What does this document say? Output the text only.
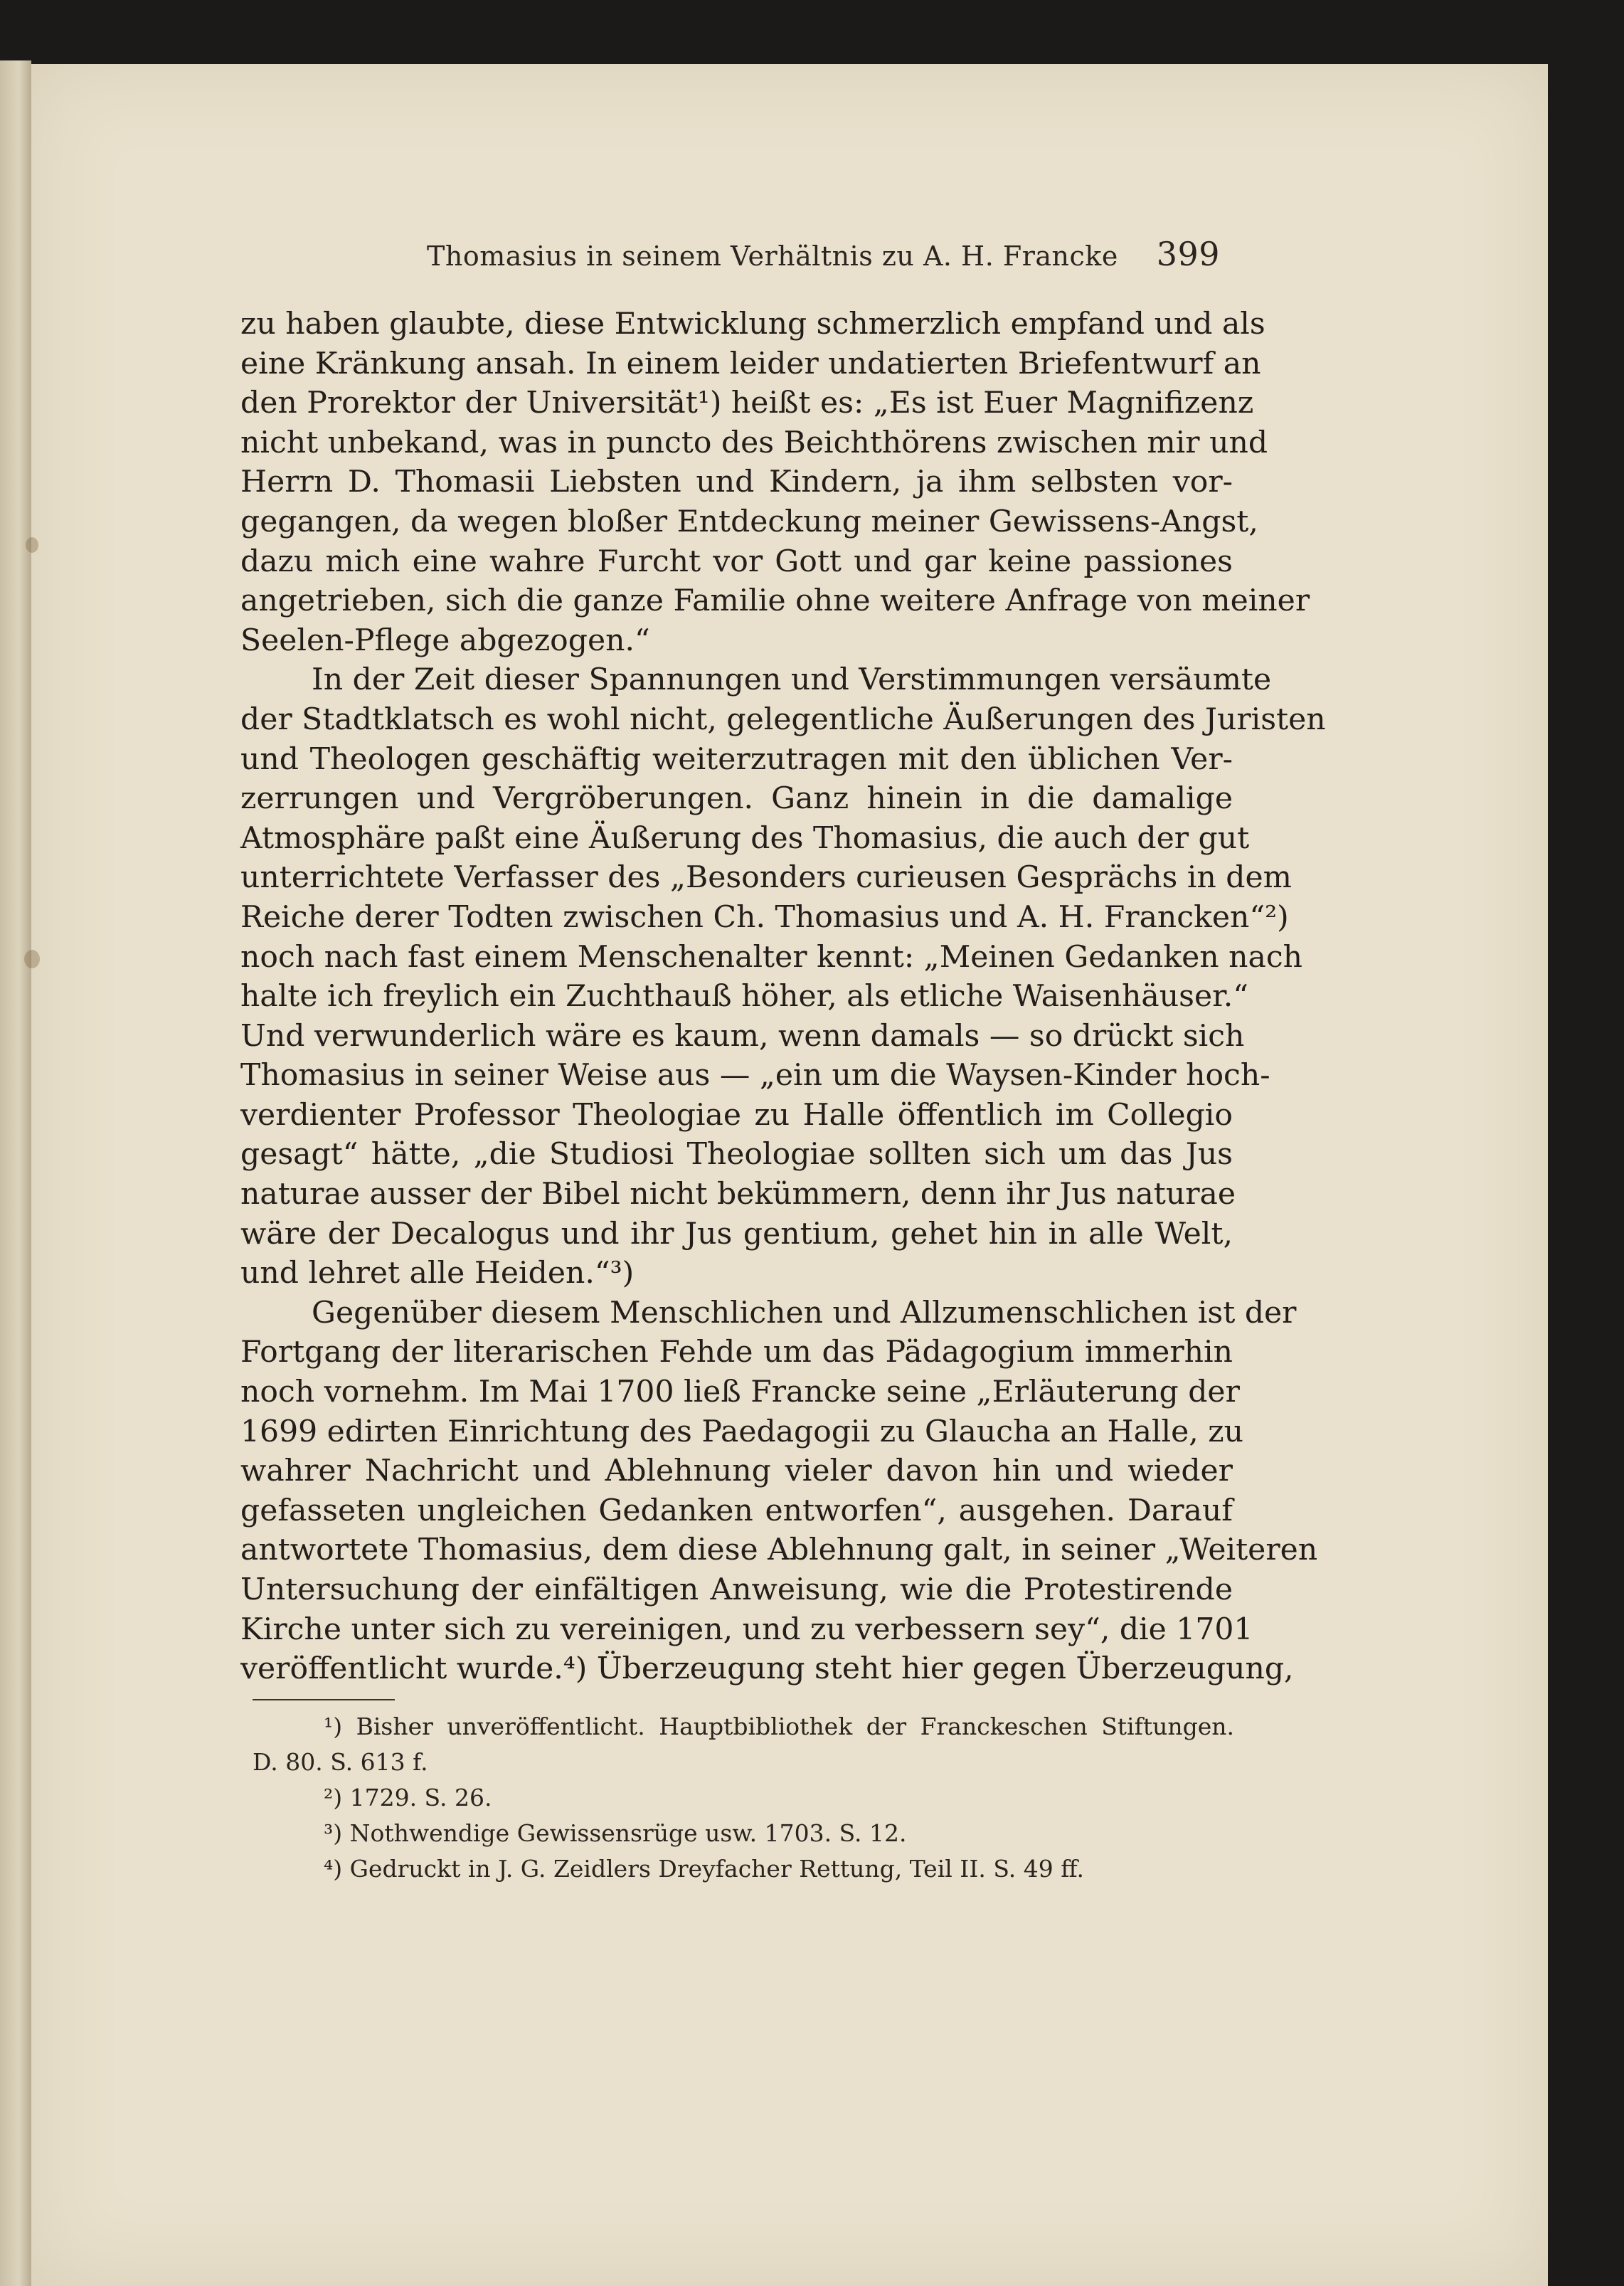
Thomasius in seinem Verhältnis zu A. H. Francke 399
zu haben glaubte, diese Entwicklung schmerzlich empfand und als
eine Kränkung ansah. In einem leider undatierten Briefentwurf an
den Prorektor der Universität¹) heißt es: „Es ist Euer Magnifizenz
nicht unbekand, was in puncto des Beichthörens zwischen mir und
Herrn D. Thomasii Liebsten und Kindern, ja ihm selbsten vor-
gegangen, da wegen bloßer Entdeckung meiner Gewissens-Angst,
dazu mich eine wahre Furcht vor Gott und gar keine passiones
angetrieben, sich die ganze Familie ohne weitere Anfrage von meiner
Seelen-Pflege abgezogen.“
In der Zeit dieser Spannungen und Verstimmungen versäumte
der Stadtklatsch es wohl nicht, gelegentliche Äußerungen des Juristen
und Theologen geschäftig weiterzutragen mit den üblichen Ver-
zerrungen und Vergröberungen. Ganz hinein in die damalige
Atmosphäre paßt eine Äußerung des Thomasius, die auch der gut
unterrichtete Verfasser des „Besonders curieusen Gesprächs in dem
Reiche derer Todten zwischen Ch. Thomasius und A. H. Francken“²)
noch nach fast einem Menschenalter kennt: „Meinen Gedanken nach
halte ich freylich ein Zuchthauß höher, als etliche Waisenhäuser.“
Und verwunderlich wäre es kaum, wenn damals — so drückt sich
Thomasius in seiner Weise aus — „ein um die Waysen-Kinder hoch-
verdienter Professor Theologiae zu Halle öffentlich im Collegio
gesagt“ hätte, „die Studiosi Theologiae sollten sich um das Jus
naturae ausser der Bibel nicht bekümmern, denn ihr Jus naturae
wäre der Decalogus und ihr Jus gentium, gehet hin in alle Welt,
und lehret alle Heiden.“³)
Gegenüber diesem Menschlichen und Allzumenschlichen ist der
Fortgang der literarischen Fehde um das Pädagogium immerhin
noch vornehm. Im Mai 1700 ließ Francke seine „Erläuterung der
1699 edirten Einrichtung des Paedagogii zu Glaucha an Halle, zu
wahrer Nachricht und Ablehnung vieler davon hin und wieder
gefasseten ungleichen Gedanken entworfen“, ausgehen. Darauf
antwortete Thomasius, dem diese Ablehnung galt, in seiner „Weiteren
Untersuchung der einfältigen Anweisung, wie die Protestirende
Kirche unter sich zu vereinigen, und zu verbessern sey“, die 1701
veröffentlicht wurde.⁴) Überzeugung steht hier gegen Überzeugung,
¹) Bisher unveröffentlicht. Hauptbibliothek der Franckeschen Stiftungen.
D. 80. S. 613 f.
²) 1729. S. 26.
³) Nothwendige Gewissensrüge usw. 1703. S. 12.
⁴) Gedruckt in J. G. Zeidlers Dreyfacher Rettung, Teil II. S. 49 ff.
